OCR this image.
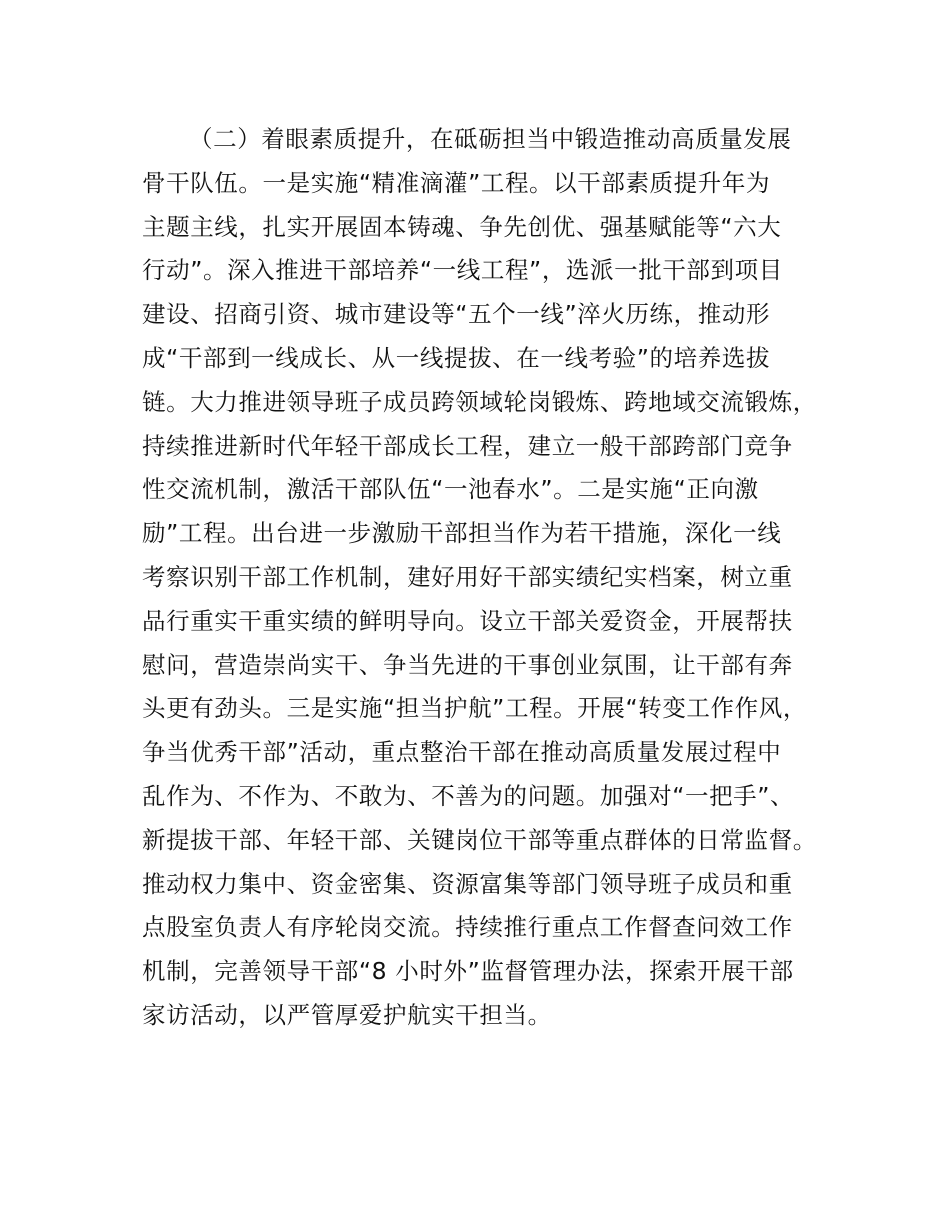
（二）着眼素质提升，在砥砺担当中锻造推动高质量发展
骨干队伍。一是实施“精准滴灌”工程。以干部素质提升年为
主题主线，扎实开展固本铸魂、争先创优、强基赋能等“六大
行动”。深入推进干部培养“一线工程”，选派一批干部到项目
建设、招商引资、城市建设等“五个一线”淬火历练，推动形
成“干部到一线成长、从一线提拔、在一线考验”的培养选拔
链。大力推进领导班子成员跨领域轮岗锻炼、跨地域交流锻炼，
持续推进新时代年轻干部成长工程，建立一般干部跨部门竞争
性交流机制，激活干部队伍“一池春水”。二是实施“正向激
励”工程。出台进一步激励干部担当作为若干措施，深化一线
考察识别干部工作机制，建好用好干部实绩纪实档案，树立重
品行重实干重实绩的鲜明导向。设立干部关爱资金，开展帮扶
慰问，营造崇尚实干、争当先进的干事创业氛围，让干部有奔
头更有劲头。三是实施“担当护航”工程。开展“转变工作作风，
争当优秀干部”活动，重点整治干部在推动高质量发展过程中
乱作为、不作为、不敢为、不善为的问题。加强对“一把手”、
新提拔干部、年轻干部、关键岗位干部等重点群体的日常监督。
推动权力集中、资金密集、资源富集等部门领导班子成员和重
点股室负责人有序轮岗交流。持续推行重点工作督查问效工作
机制，完善领导干部“8 小时外”监督管理办法，探索开展干部
家访活动，以严管厚爱护航实干担当。
